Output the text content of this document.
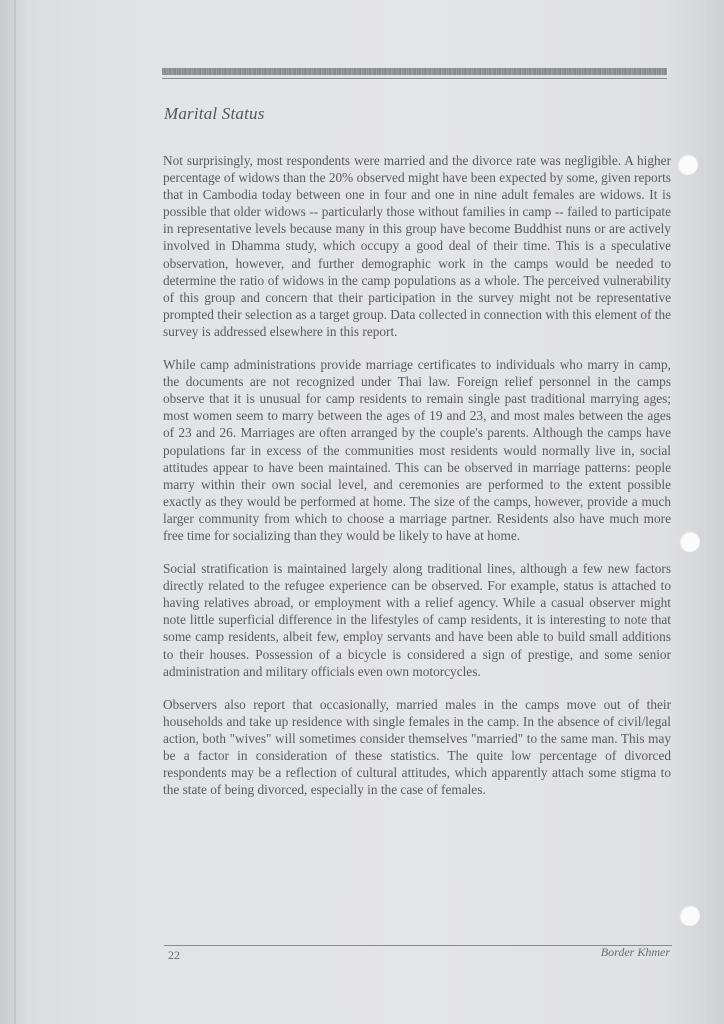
Marital Status

Not surprisingly, most respondents were married and the divorce rate was negligible. A higher percentage of widows than the 20% observed might have been expected by some, given reports that in Cambodia today between one in four and one in nine adult females are widows. It is possible that older widows -- particularly those without families in camp -- failed to participate in representative levels because many in this group have become Buddhist nuns or are actively involved in Dhamma study, which occupy a good deal of their time. This is a speculative observation, however, and further demographic work in the camps would be needed to determine the ratio of widows in the camp populations as a whole. The perceived vulnerability of this group and concern that their participation in the survey might not be representative prompted their selection as a target group. Data collected in connection with this element of the survey is addressed elsewhere in this report.

While camp administrations provide marriage certificates to individuals who marry in camp, the documents are not recognized under Thai law. Foreign relief personnel in the camps observe that it is unusual for camp residents to remain single past traditional marrying ages; most women seem to marry between the ages of 19 and 23, and most males between the ages of 23 and 26. Marriages are often arranged by the couple's parents. Although the camps have populations far in excess of the communities most residents would normally live in, social attitudes appear to have been maintained. This can be observed in marriage patterns: people marry within their own social level, and ceremonies are performed to the extent possible exactly as they would be performed at home. The size of the camps, however, provide a much larger community from which to choose a marriage partner. Residents also have much more free time for socializing than they would be likely to have at home.

Social stratification is maintained largely along traditional lines, although a few new factors directly related to the refugee experience can be observed. For example, status is attached to having relatives abroad, or employment with a relief agency. While a casual observer might note little superficial difference in the lifestyles of camp residents, it is interesting to note that some camp residents, albeit few, employ servants and have been able to build small additions to their houses. Possession of a bicycle is considered a sign of prestige, and some senior administration and military officials even own motorcycles.

Observers also report that occasionally, married males in the camps move out of their households and take up residence with single females in the camp. In the absence of civil/legal action, both "wives" will sometimes consider themselves "married" to the same man. This may be a factor in consideration of these statistics. The quite low percentage of divorced respondents may be a reflection of cultural attitudes, which apparently attach some stigma to the state of being divorced, especially in the case of females.

22	Border Khmer
